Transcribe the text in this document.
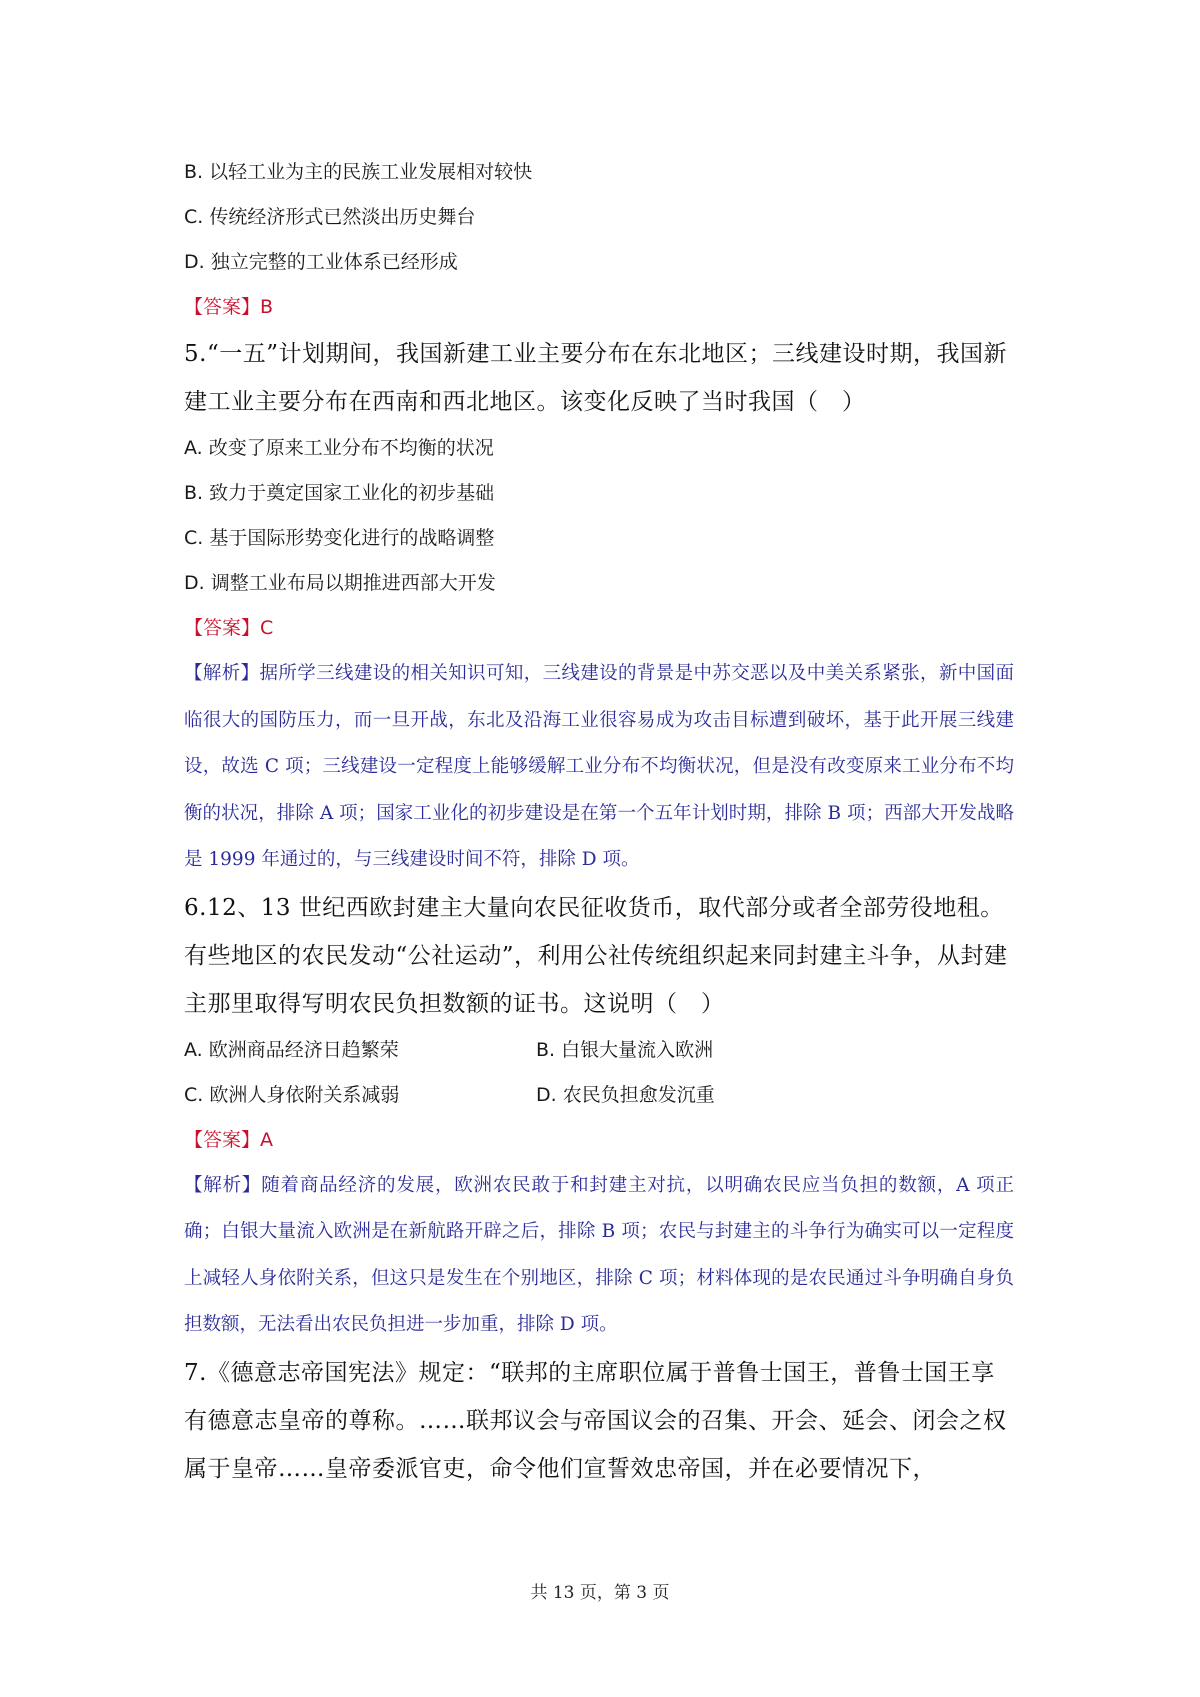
B. 以轻工业为主的民族工业发展相对较快
C. 传统经济形式已然淡出历史舞台
D. 独立完整的工业体系已经形成
【答案】B
5.“一五”计划期间，我国新建工业主要分布在东北地区；三线建设时期，我国新建工业主要分布在西南和西北地区。该变化反映了当时我国（　）
A. 改变了原来工业分布不均衡的状况
B. 致力于奠定国家工业化的初步基础
C. 基于国际形势变化进行的战略调整
D. 调整工业布局以期推进西部大开发
【答案】C
【解析】据所学三线建设的相关知识可知，三线建设的背景是中苏交恶以及中美关系紧张，新中国面临很大的国防压力，而一旦开战，东北及沿海工业很容易成为攻击目标遭到破坏，基于此开展三线建设，故选 C 项；三线建设一定程度上能够缓解工业分布不均衡状况，但是没有改变原来工业分布不均衡的状况，排除 A 项；国家工业化的初步建设是在第一个五年计划时期，排除 B 项；西部大开发战略是 1999 年通过的，与三线建设时间不符，排除 D 项。
6.12、13 世纪西欧封建主大量向农民征收货币，取代部分或者全部劳役地租。有些地区的农民发动“公社运动”，利用公社传统组织起来同封建主斗争，从封建主那里取得写明农民负担数额的证书。这说明（　）
A. 欧洲商品经济日趋繁荣	B. 白银大量流入欧洲
C. 欧洲人身依附关系减弱	D. 农民负担愈发沉重
【答案】A
【解析】随着商品经济的发展，欧洲农民敢于和封建主对抗，以明确农民应当负担的数额，A 项正确；白银大量流入欧洲是在新航路开辟之后，排除 B 项；农民与封建主的斗争行为确实可以一定程度上减轻人身依附关系，但这只是发生在个别地区，排除 C 项；材料体现的是农民通过斗争明确自身负担数额，无法看出农民负担进一步加重，排除 D 项。
7.《德意志帝国宪法》规定：“联邦的主席职位属于普鲁士国王，普鲁士国王享有德意志皇帝的尊称。……联邦议会与帝国议会的召集、开会、延会、闭会之权属于皇帝……皇帝委派官吏，命令他们宣誓效忠帝国，并在必要情况下，
共 13 页，第 3 页
